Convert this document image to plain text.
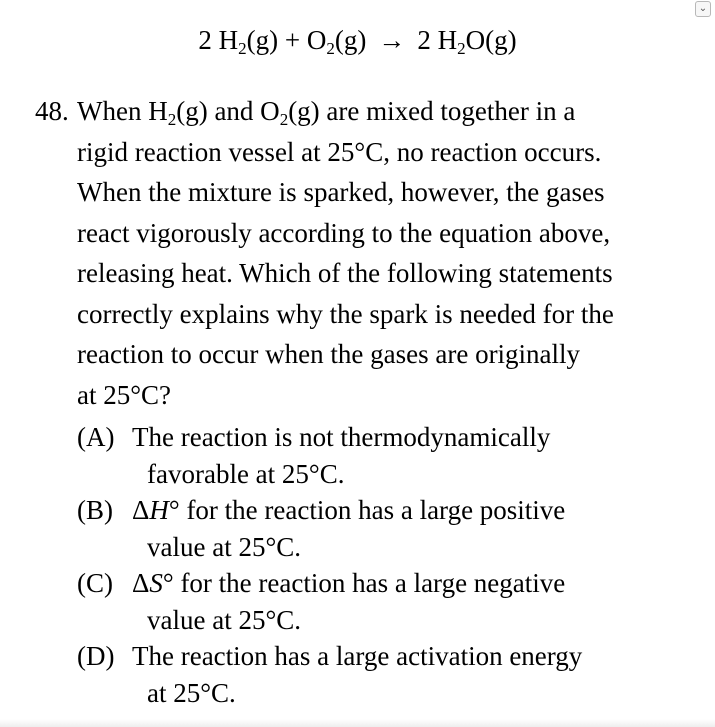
2 $H_2(g) + O_2(g) \to 2$ $H_2O(g)$
48. When $H_2(g)$ and $O_2(g)$ are mixed together in a
rigid reaction vessel at 25°C, no reaction occurs.
When the mixture is sparked, however, the gases
react vigorously according to the equation above,
releasing heat. Which of the following statements
correctly explains why the spark is needed for the
reaction to occur when the gases are originally
at 25°C?
(A) The reaction is not thermodynamically
favorable at 25°C.
(B) ΔH° for the reaction has a large positive
value at 25°C.
(C) ΔS° for the reaction has a large negative
value at 25°C.
(D) The reaction has a large activation energy
at 25°C.
⌄
